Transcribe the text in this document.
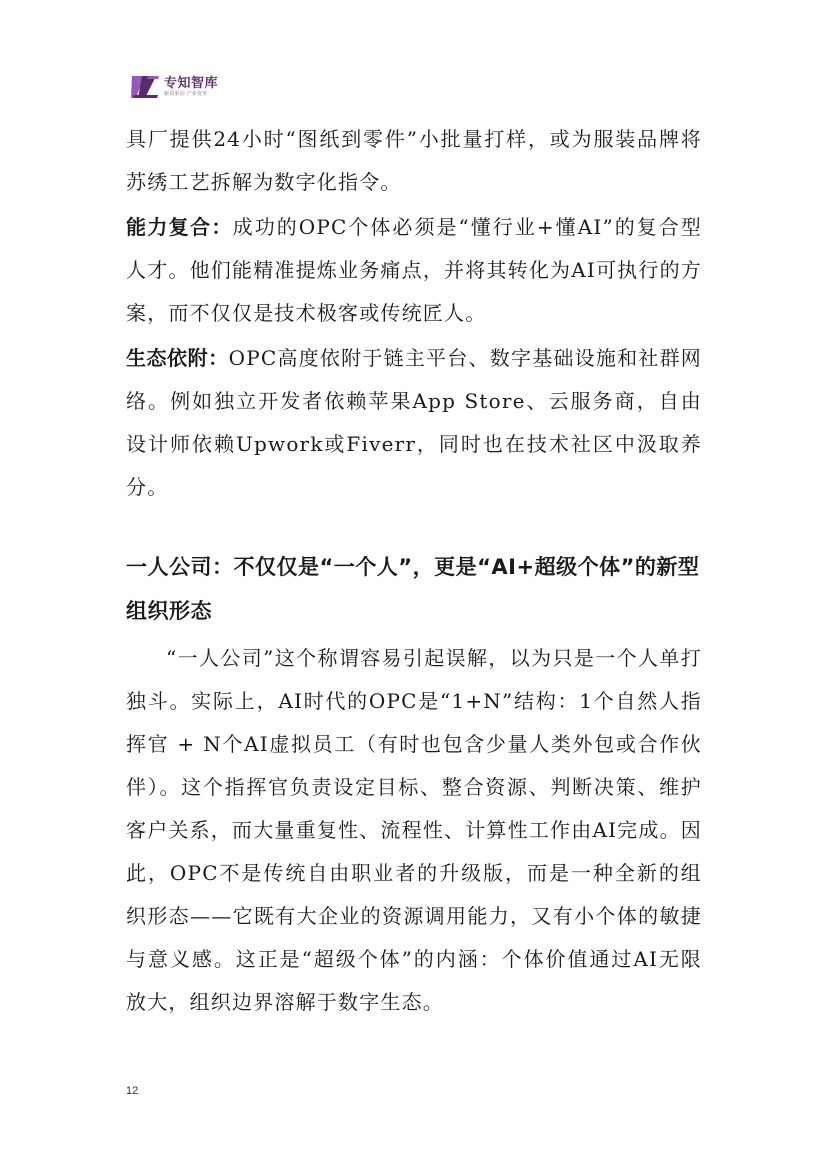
专知智库
新质驱动 产业变革

具厂提供24小时“图纸到零件”小批量打样，或为服装品牌将苏绣工艺拆解为数字化指令。

能力复合：成功的OPC个体必须是“懂行业+懂AI”的复合型人才。他们能精准提炼业务痛点，并将其转化为AI可执行的方案，而不仅仅是技术极客或传统匠人。

生态依附：OPC高度依附于链主平台、数字基础设施和社群网络。例如独立开发者依赖苹果App Store、云服务商，自由设计师依赖Upwork或Fiverr，同时也在技术社区中汲取养分。

一人公司：不仅仅是“一个人”，更是“AI+超级个体”的新型组织形态

“一人公司”这个称谓容易引起误解，以为只是一个人单打独斗。实际上，AI时代的OPC是“1+N”结构：1个自然人指挥官 + N个AI虚拟员工（有时也包含少量人类外包或合作伙伴）。这个指挥官负责设定目标、整合资源、判断决策、维护客户关系，而大量重复性、流程性、计算性工作由AI完成。因此，OPC不是传统自由职业者的升级版，而是一种全新的组织形态——它既有大企业的资源调用能力，又有小个体的敏捷与意义感。这正是“超级个体”的内涵：个体价值通过AI无限放大，组织边界溶解于数字生态。

12
